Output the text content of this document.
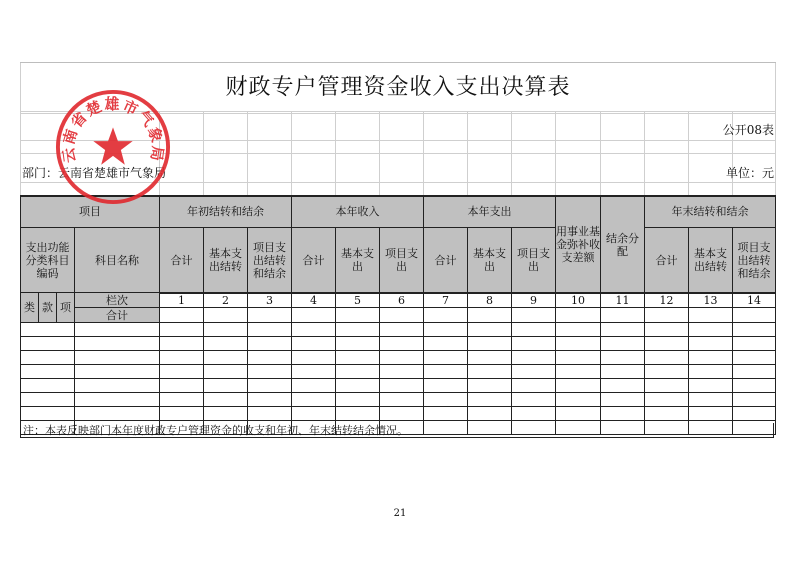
财政专户管理资金收入支出决算表
公开08表
部门：云南省楚雄市气象局	单位：元
项目		年初结转和结余			本年收入			本年支出			用事业基金弥补收支差额	结余分配	年末结转和结余		
支出功能分类科目编码	科目名称	合计	基本支出结转	项目支出结转和结余	合计	基本支出	项目支出	合计	基本支出	项目支出			合计	基本支出结转	项目支出结转和结余
类	款	项	栏次	1	2	3	4	5	6	7	8	9	10	11	12	13	14
			合计														

注：本表反映部门本年度财政专户管理资金的收支和年初、年末结转结余情况。
21
云南省楚雄市气象局
